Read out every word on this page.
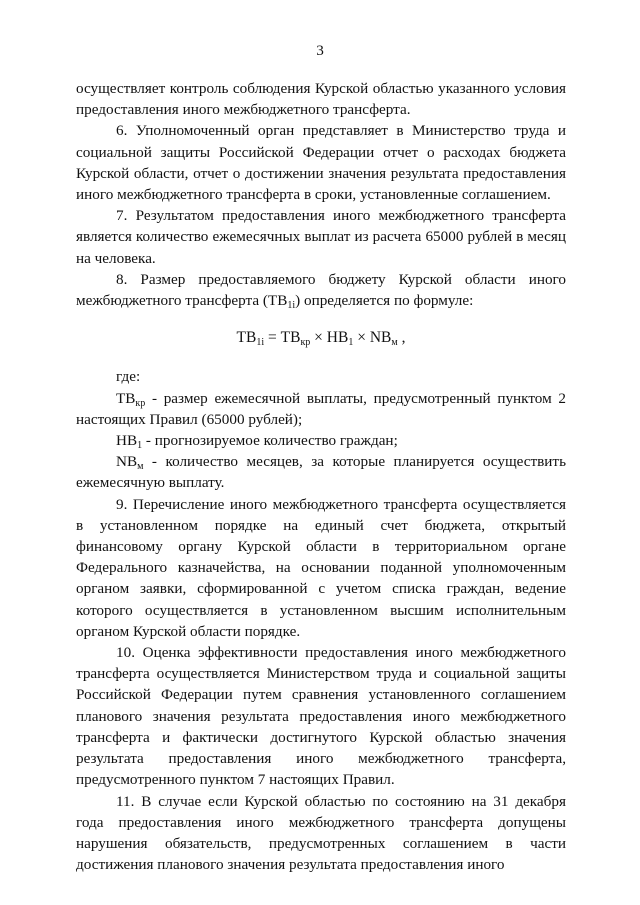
3

осуществляет контроль соблюдения Курской областью указанного условия предоставления иного межбюджетного трансферта.

6. Уполномоченный орган представляет в Министерство труда и социальной защиты Российской Федерации отчет о расходах бюджета Курской области, отчет о достижении значения результата предоставления иного межбюджетного трансферта в сроки, установленные соглашением.

7. Результатом предоставления иного межбюджетного трансферта является количество ежемесячных выплат из расчета 65000 рублей в месяц на человека.

8. Размер предоставляемого бюджету Курской области иного межбюджетного трансферта $(ТВ_{1i})$ определяется по формуле:

$ТВ_{1i} = ТВ_{кр} \times НВ_1 \times NB_м$ ,

где:

$ТВ_{кр}$ - размер ежемесячной выплаты, предусмотренный пунктом 2 настоящих Правил (65000 рублей);

$НВ_1$ - прогнозируемое количество граждан;

$NB_м$ - количество месяцев, за которые планируется осуществить ежемесячную выплату.

9. Перечисление иного межбюджетного трансферта осуществляется в установленном порядке на единый счет бюджета, открытый финансовому органу Курской области в территориальном органе Федерального казначейства, на основании поданной уполномоченным органом заявки, сформированной с учетом списка граждан, ведение которого осуществляется в установленном высшим исполнительным органом Курской области порядке.

10. Оценка эффективности предоставления иного межбюджетного трансферта осуществляется Министерством труда и социальной защиты Российской Федерации путем сравнения установленного соглашением планового значения результата предоставления иного межбюджетного трансферта и фактически достигнутого Курской областью значения результата предоставления иного межбюджетного трансферта, предусмотренного пунктом 7 настоящих Правил.

11. В случае если Курской областью по состоянию на 31 декабря года предоставления иного межбюджетного трансферта допущены нарушения обязательств, предусмотренных соглашением в части достижения планового значения результата предоставления иного
